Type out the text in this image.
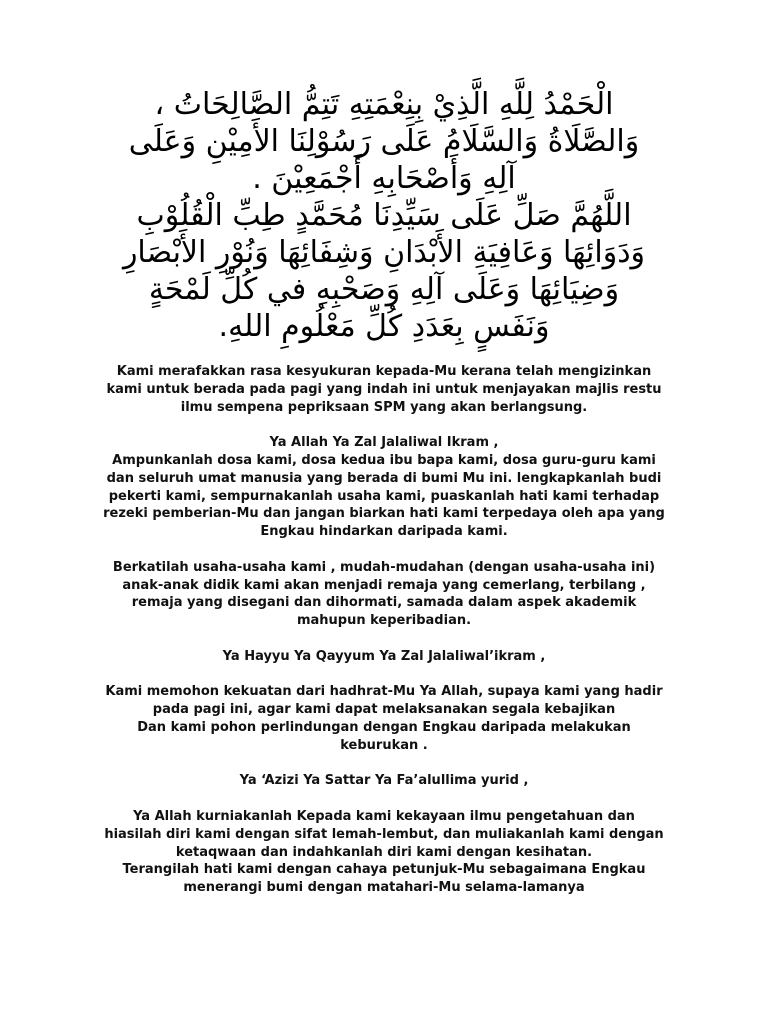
الْحَمْدُ لِلَّهِ الَّذِيْ بِنِعْمَتِهِ تَتِمُّ الصَّالِحَاتُ ،
وَالصَّلَاةُ وَالسَّلَامُ عَلَى رَسُوْلِنَا الأَمِيْنِ وَعَلَى
آلِهِ وَأَصْحَابِهِ أَجْمَعِيْنَ .
اللَّهُمَّ صَلِّ عَلَى سَيِّدِنَا مُحَمَّدٍ طِبِّ الْقُلُوْبِ
وَدَوَائِهَا وَعَافِيَةِ الأَبْدَانِ وَشِفَائِهَا وَنُوْرِ الأَبْصَارِ
وَضِيَائِهَا وَعَلَى آلِهِ وَصَحْبِهِ في كُلِّ لَمْحَةٍ
وَنَفَسٍ بِعَدَدِ كُلِّ مَعْلُومِ اللهِ.
Kami merafakkan rasa kesyukuran kepada-Mu kerana telah mengizinkan
kami untuk berada pada pagi yang indah ini untuk menjayakan majlis restu
ilmu sempena pepriksaan SPM yang akan berlangsung.
Ya Allah Ya Zal Jalaliwal Ikram ,
Ampunkanlah dosa kami, dosa kedua ibu bapa kami, dosa guru-guru kami
dan seluruh umat manusia yang berada di bumi Mu ini. lengkapkanlah budi
pekerti kami, sempurnakanlah usaha kami, puaskanlah hati kami terhadap
rezeki pemberian-Mu dan jangan biarkan hati kami terpedaya oleh apa yang
Engkau hindarkan daripada kami.
Berkatilah usaha-usaha kami , mudah-mudahan (dengan usaha-usaha ini)
anak-anak didik kami akan menjadi remaja yang cemerlang, terbilang ,
remaja yang disegani dan dihormati, samada dalam aspek akademik
mahupun keperibadian.
Ya Hayyu Ya Qayyum Ya Zal Jalaliwal’ikram ,
Kami memohon kekuatan dari hadhrat-Mu Ya Allah, supaya kami yang hadir
pada pagi ini, agar kami dapat melaksanakan segala kebajikan
Dan kami pohon perlindungan dengan Engkau daripada melakukan
keburukan .
Ya ‘Azizi Ya Sattar Ya Fa’alullima yurid ,
Ya Allah kurniakanlah Kepada kami kekayaan ilmu pengetahuan dan
hiasilah diri kami dengan sifat lemah-lembut, dan muliakanlah kami dengan
ketaqwaan dan indahkanlah diri kami dengan kesihatan.
Terangilah hati kami dengan cahaya petunjuk-Mu sebagaimana Engkau
menerangi bumi dengan matahari-Mu selama-lamanya
